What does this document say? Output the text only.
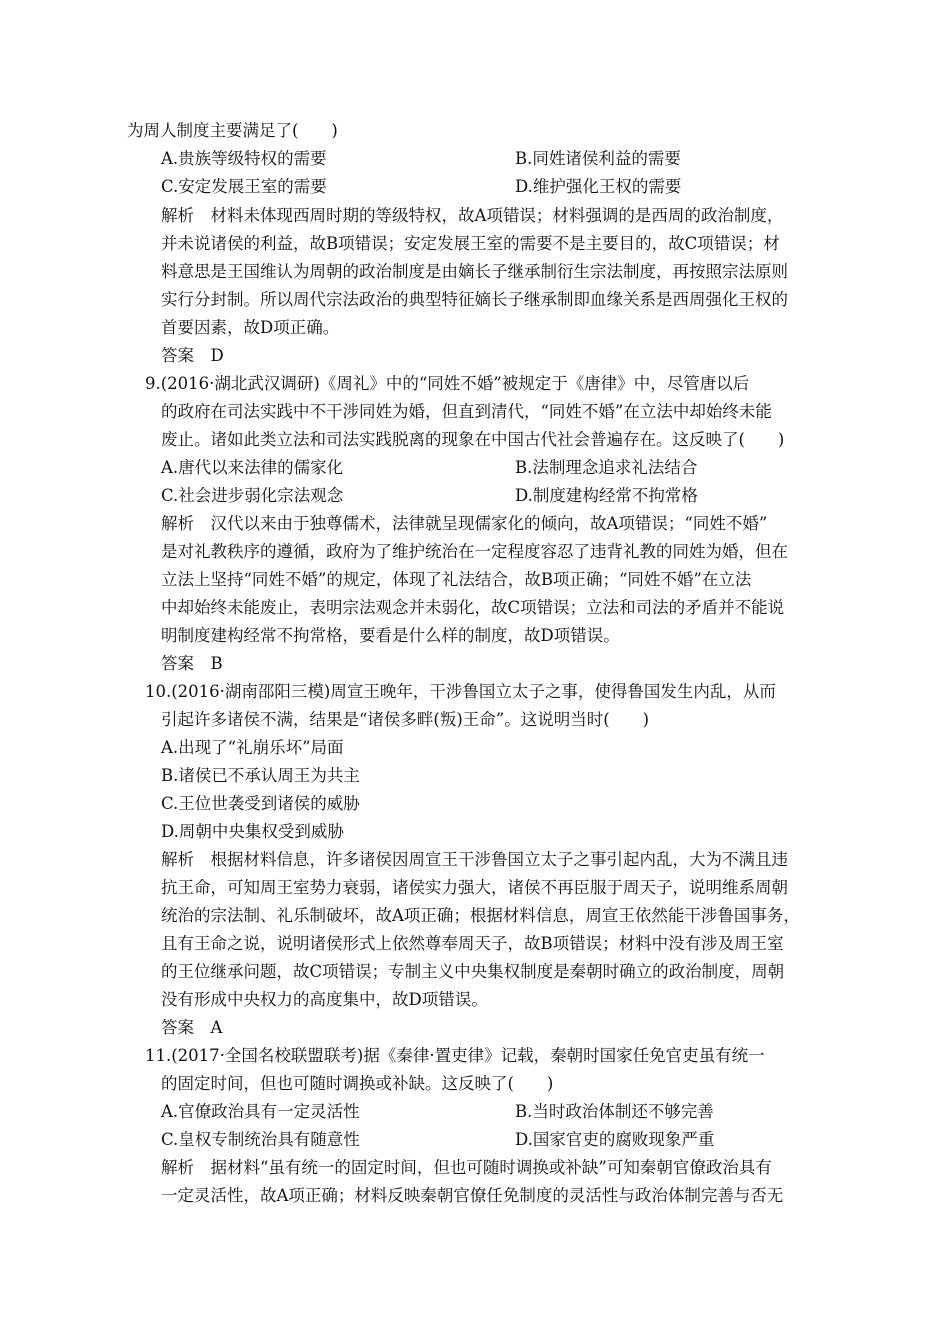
为周人制度主要满足了(　　)
A.贵族等级特权的需要	B.同姓诸侯利益的需要
C.安定发展王室的需要	D.维护强化王权的需要
解析　材料未体现西周时期的等级特权，故A项错误；材料强调的是西周的政治制度，
并未说诸侯的利益，故B项错误；安定发展王室的需要不是主要目的，故C项错误；材
料意思是王国维认为周朝的政治制度是由嫡长子继承制衍生宗法制度，再按照宗法原则
实行分封制。所以周代宗法政治的典型特征嫡长子继承制即血缘关系是西周强化王权的
首要因素，故D项正确。
答案　D
9.(2016·湖北武汉调研)《周礼》中的“同姓不婚”被规定于《唐律》中，尽管唐以后
的政府在司法实践中不干涉同姓为婚，但直到清代，“同姓不婚”在立法中却始终未能
废止。诸如此类立法和司法实践脱离的现象在中国古代社会普遍存在。这反映了(　　)
A.唐代以来法律的儒家化	B.法制理念追求礼法结合
C.社会进步弱化宗法观念	D.制度建构经常不拘常格
解析　汉代以来由于独尊儒术，法律就呈现儒家化的倾向，故A项错误；“同姓不婚”
是对礼教秩序的遵循，政府为了维护统治在一定程度容忍了违背礼教的同姓为婚，但在
立法上坚持“同姓不婚”的规定，体现了礼法结合，故B项正确；“同姓不婚”在立法
中却始终未能废止，表明宗法观念并未弱化，故C项错误；立法和司法的矛盾并不能说
明制度建构经常不拘常格，要看是什么样的制度，故D项错误。
答案　B
10.(2016·湖南邵阳三模)周宣王晚年，干涉鲁国立太子之事，使得鲁国发生内乱，从而
引起许多诸侯不满，结果是“诸侯多畔(叛)王命”。这说明当时(　　)
A.出现了“礼崩乐坏”局面
B.诸侯已不承认周王为共主
C.王位世袭受到诸侯的威胁
D.周朝中央集权受到威胁
解析　根据材料信息，许多诸侯因周宣王干涉鲁国立太子之事引起内乱，大为不满且违
抗王命，可知周王室势力衰弱，诸侯实力强大，诸侯不再臣服于周天子，说明维系周朝
统治的宗法制、礼乐制破坏，故A项正确；根据材料信息，周宣王依然能干涉鲁国事务，
且有王命之说，说明诸侯形式上依然尊奉周天子，故B项错误；材料中没有涉及周王室
的王位继承问题，故C项错误；专制主义中央集权制度是秦朝时确立的政治制度，周朝
没有形成中央权力的高度集中，故D项错误。
答案　A
11.(2017·全国名校联盟联考)据《秦律·置吏律》记载，秦朝时国家任免官吏虽有统一
的固定时间，但也可随时调换或补缺。这反映了(　　)
A.官僚政治具有一定灵活性	B.当时政治体制还不够完善
C.皇权专制统治具有随意性	D.国家官吏的腐败现象严重
解析　据材料“虽有统一的固定时间，但也可随时调换或补缺”可知秦朝官僚政治具有
一定灵活性，故A项正确；材料反映秦朝官僚任免制度的灵活性与政治体制完善与否无
